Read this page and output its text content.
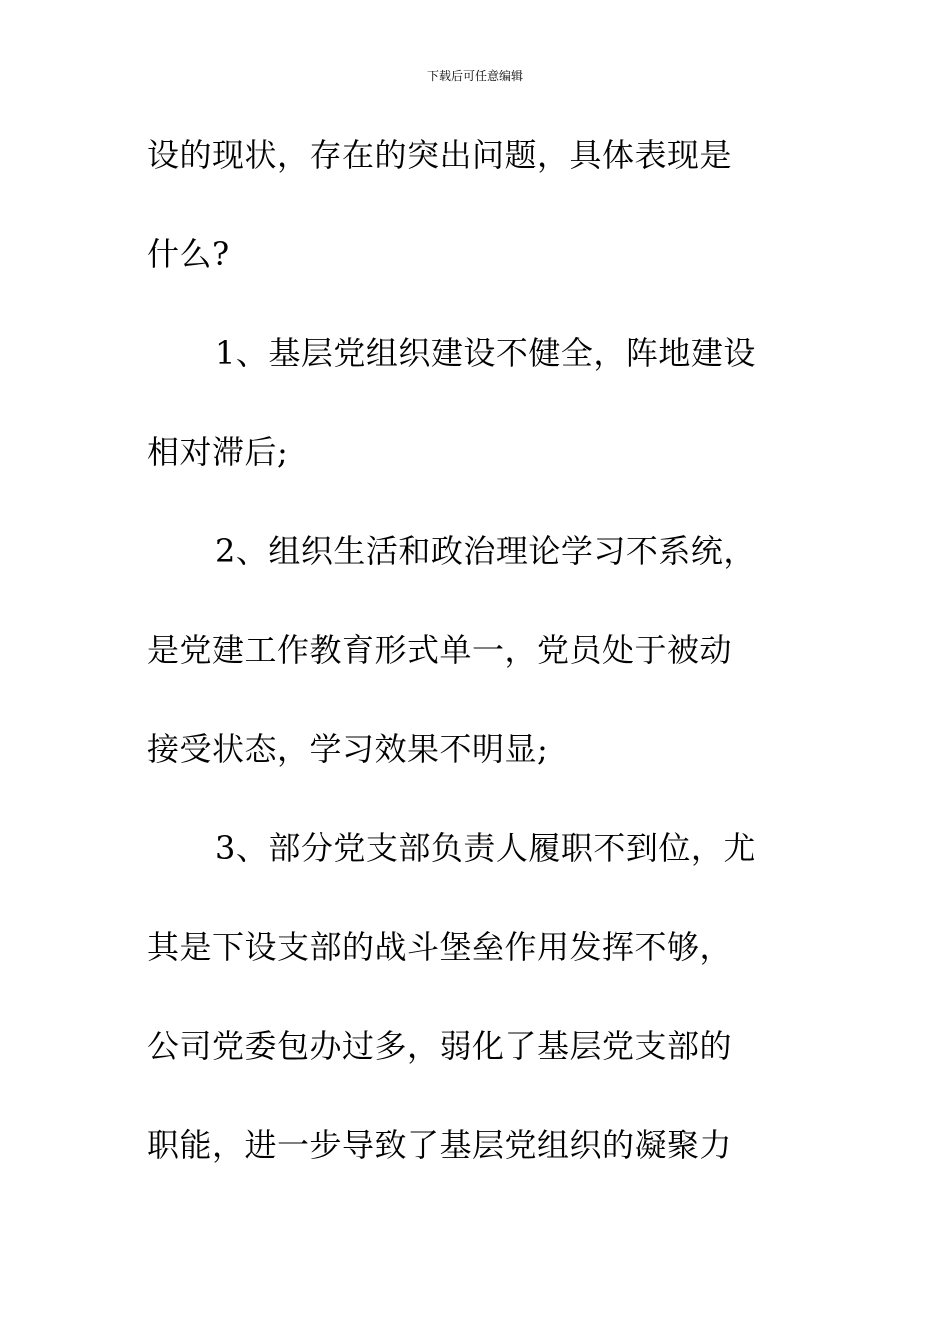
下载后可任意编辑
设的现状，存在的突出问题，具体表现是
什么?
1、基层党组织建设不健全，阵地建设
相对滞后;
2、组织生活和政治理论学习不系统，
是党建工作教育形式单一，党员处于被动
接受状态，学习效果不明显;
3、部分党支部负责人履职不到位，尤
其是下设支部的战斗堡垒作用发挥不够，
公司党委包办过多，弱化了基层党支部的
职能，进一步导致了基层党组织的凝聚力
